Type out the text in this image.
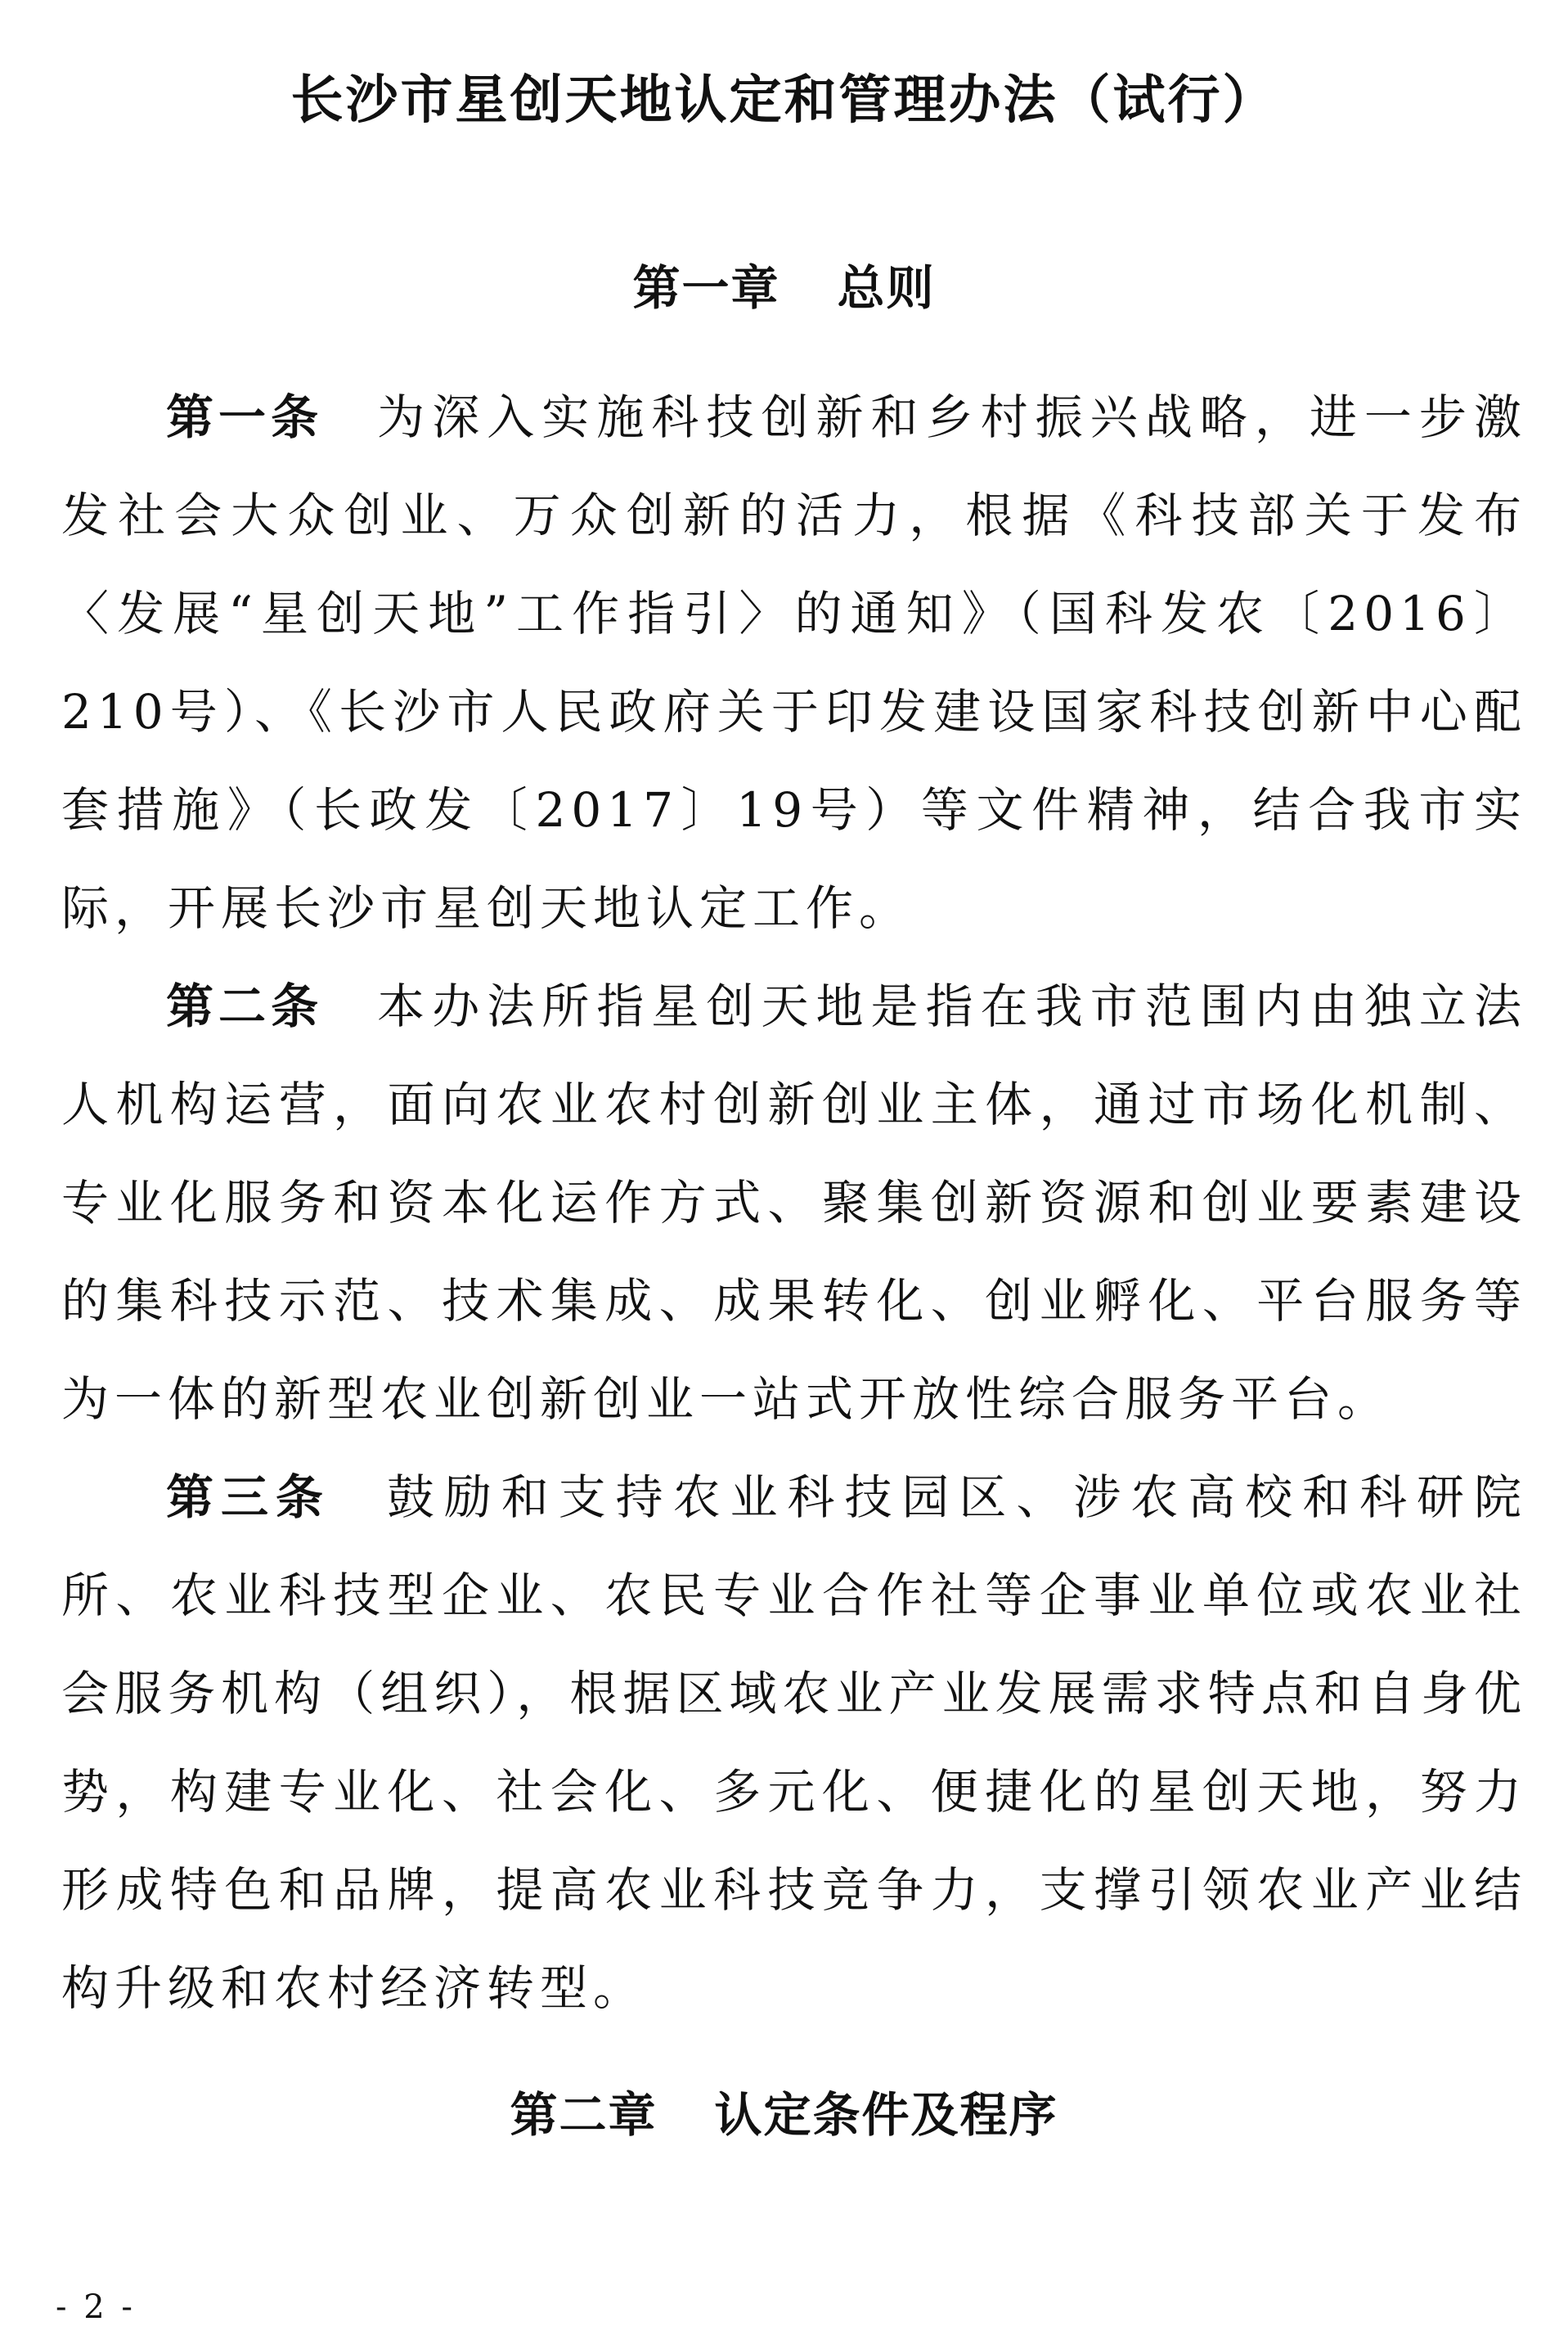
长沙市星创天地认定和管理办法（试行）
第一章 总则

第一条 为深入实施科技创新和乡村振兴战略，进一步激发社会大众创业、万众创新的活力，根据《科技部关于发布〈发展“星创天地”工作指引〉的通知》（国科发农〔2016〕210号）、《长沙市人民政府关于印发建设国家科技创新中心配套措施》（长政发〔2017〕19号）等文件精神，结合我市实际，开展长沙市星创天地认定工作。

第二条 本办法所指星创天地是指在我市范围内由独立法人机构运营，面向农业农村创新创业主体，通过市场化机制、专业化服务和资本化运作方式、聚集创新资源和创业要素建设的集科技示范、技术集成、成果转化、创业孵化、平台服务等为一体的新型农业创新创业一站式开放性综合服务平台。

第三条 鼓励和支持农业科技园区、涉农高校和科研院所、农业科技型企业、农民专业合作社等企事业单位或农业社会服务机构（组织），根据区域农业产业发展需求特点和自身优势，构建专业化、社会化、多元化、便捷化的星创天地，努力形成特色和品牌，提高农业科技竞争力，支撑引领农业产业结构升级和农村经济转型。

第二章 认定条件及程序
- 2 -
